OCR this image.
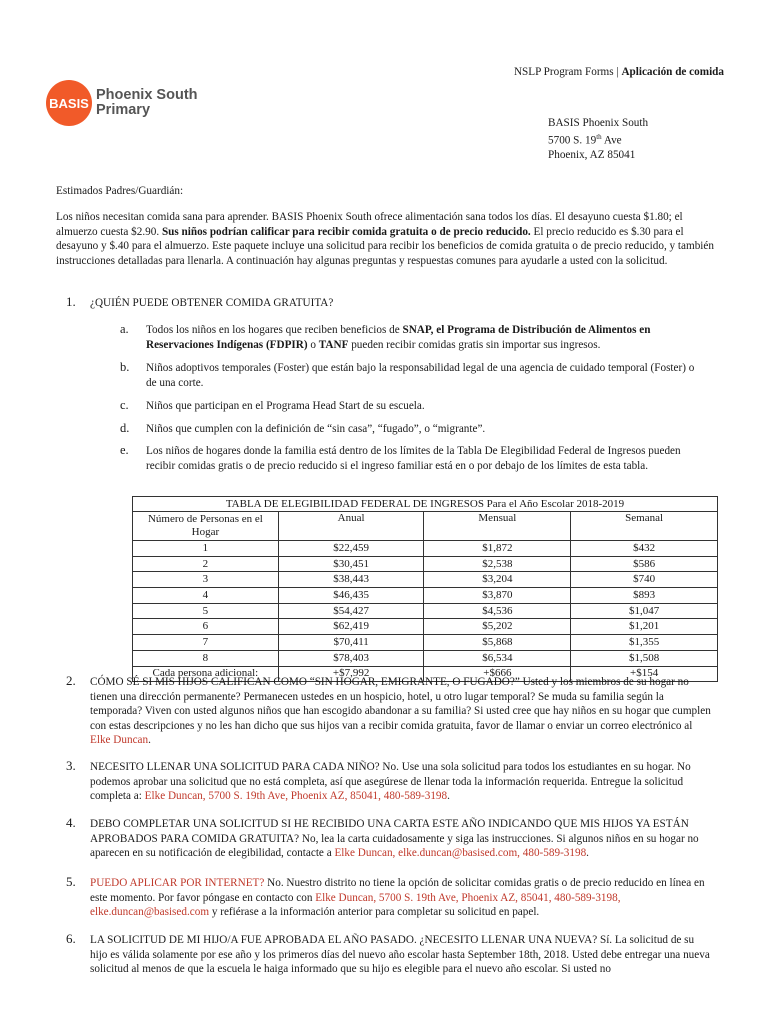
NSLP Program Forms | Aplicación de comida
BASIS Phoenix South
Primary
BASIS Phoenix South
5700 S. 19th Ave
Phoenix, AZ 85041
Estimados Padres/Guardián:
Los niños necesitan comida sana para aprender. BASIS Phoenix South ofrece alimentación sana todos los días. El desayuno cuesta $1.80; el almuerzo cuesta $2.90. Sus niños podrían calificar para recibir comida gratuita o de precio reducido. El precio reducido es $.30 para el desayuno y $.40 para el almuerzo. Este paquete incluye una solicitud para recibir los beneficios de comida gratuita o de precio reducido, y también instrucciones detalladas para llenarla. A continuación hay algunas preguntas y respuestas comunes para ayudarle a usted con la solicitud.
1. ¿QUIÉN PUEDE OBTENER COMIDA GRATUITA?
a. Todos los niños en los hogares que reciben beneficios de SNAP, el Programa de Distribución de Alimentos en Reservaciones Indígenas (FDPIR) o TANF pueden recibir comidas gratis sin importar sus ingresos.
b. Niños adoptivos temporales (Foster) que están bajo la responsabilidad legal de una agencia de cuidado temporal (Foster) o de una corte.
c. Niños que participan en el Programa Head Start de su escuela.
d. Niños que cumplen con la definición de “sin casa”, “fugado”, o “migrante”.
e. Los niños de hogares donde la familia está dentro de los límites de la Tabla De Elegibilidad Federal de Ingresos pueden recibir comidas gratis o de precio reducido si el ingreso familiar está en o por debajo de los límites de esta tabla.
TABLA DE ELEGIBILIDAD FEDERAL DE INGRESOS Para el Año Escolar 2018-2019			
Número de Personas en el Hogar	Anual	Mensual	Semanal
1	$22,459	$1,872	$432
2	$30,451	$2,538	$586
3	$38,443	$3,204	$740
4	$46,435	$3,870	$893
5	$54,427	$4,536	$1,047
6	$62,419	$5,202	$1,201
7	$70,411	$5,868	$1,355
8	$78,403	$6,534	$1,508
Cada persona adicional:	+$7,992	+$666	+$154
2. CÓMO SÉ SI MIS HIJOS CALIFICAN COMO “SIN HOGAR, EMIGRANTE, O FUGADO?” Usted y los miembros de su hogar no tienen una dirección permanente? Permanecen ustedes en un hospicio, hotel, u otro lugar temporal? Se muda su familia según la temporada? Viven con usted algunos niños que han escogido abandonar a su familia? Si usted cree que hay niños en su hogar que cumplen con estas descripciones y no les han dicho que sus hijos van a recibir comida gratuita, favor de llamar o enviar un correo electrónico al Elke Duncan.
3. NECESITO LLENAR UNA SOLICITUD PARA CADA NIÑO? No. Use una sola solicitud para todos los estudiantes en su hogar. No podemos aprobar una solicitud que no está completa, así que asegúrese de llenar toda la información requerida. Entregue la solicitud completa a: Elke Duncan, 5700 S. 19th Ave, Phoenix AZ, 85041, 480-589-3198.
4. DEBO COMPLETAR UNA SOLICITUD SI HE RECIBIDO UNA CARTA ESTE AÑO INDICANDO QUE MIS HIJOS YA ESTÁN APROBADOS PARA COMIDA GRATUITA? No, lea la carta cuidadosamente y siga las instrucciones. Si algunos niños en su hogar no aparecen en su notificación de elegibilidad, contacte a Elke Duncan, elke.duncan@basised.com, 480-589-3198.
5. PUEDO APLICAR POR INTERNET? No. Nuestro distrito no tiene la opción de solicitar comidas gratis o de precio reducido en línea en este momento. Por favor póngase en contacto con Elke Duncan, 5700 S. 19th Ave, Phoenix AZ, 85041, 480-589-3198, elke.duncan@basised.com y refiérase a la información anterior para completar su solicitud en papel.
6. LA SOLICITUD DE MI HIJO/A FUE APROBADA EL AÑO PASADO. ¿NECESITO LLENAR UNA NUEVA? Sí. La solicitud de su hijo es válida solamente por ese año y los primeros días del nuevo año escolar hasta September 18th, 2018. Usted debe entregar una nueva solicitud al menos de que la escuela le haiga informado que su hijo es elegible para el nuevo año escolar. Si usted no
